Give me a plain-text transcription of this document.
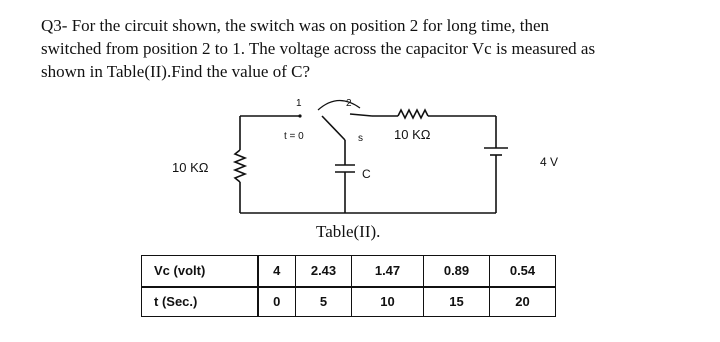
Q3- For the circuit shown, the switch was on position 2 for long time, then

switched from position 2 to 1. The voltage across the capacitor Vc is measured as

shown in Table(II).Find the value of C?

1	2
t = 0	s 10 KΩ
10 KΩ	C
4 V
Table(II).
Vc (volt)	4	2.43	1.47	0.89	0.54
t (Sec.)	0	5	10	15	20
